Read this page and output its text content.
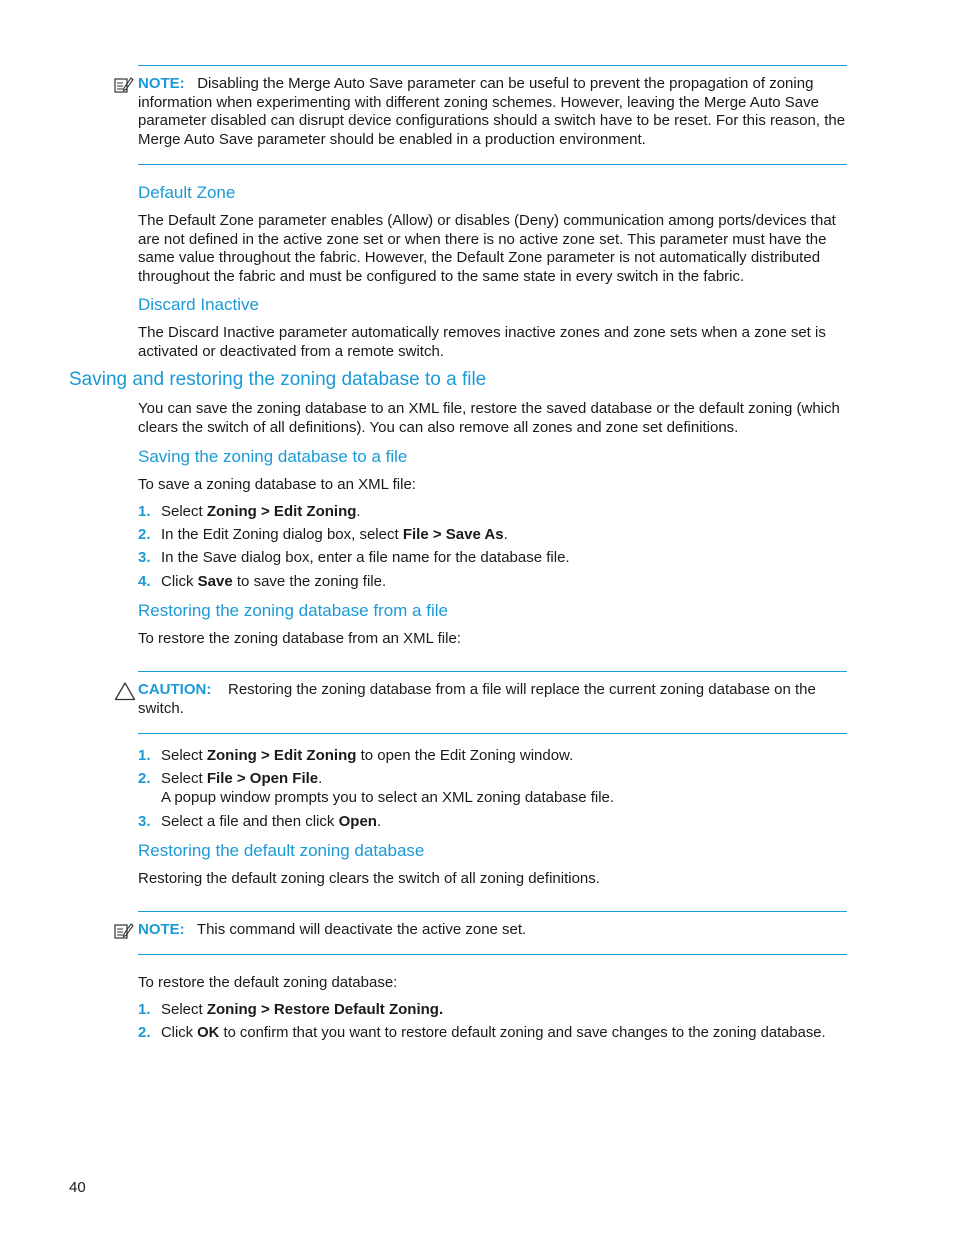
NOTE: Disabling the Merge Auto Save parameter can be useful to prevent the propagation of zoning information when experimenting with different zoning schemes. However, leaving the Merge Auto Save parameter disabled can disrupt device configurations should a switch have to be reset. For this reason, the Merge Auto Save parameter should be enabled in a production environment.
Default Zone
The Default Zone parameter enables (Allow) or disables (Deny) communication among ports/devices that are not defined in the active zone set or when there is no active zone set. This parameter must have the same value throughout the fabric. However, the Default Zone parameter is not automatically distributed throughout the fabric and must be configured to the same state in every switch in the fabric.
Discard Inactive
The Discard Inactive parameter automatically removes inactive zones and zone sets when a zone set is activated or deactivated from a remote switch.
Saving and restoring the zoning database to a file
You can save the zoning database to an XML file, restore the saved database or the default zoning (which clears the switch of all definitions). You can also remove all zones and zone set definitions.
Saving the zoning database to a file
To save a zoning database to an XML file:
1. Select Zoning > Edit Zoning.
2. In the Edit Zoning dialog box, select File > Save As.
3. In the Save dialog box, enter a file name for the database file.
4. Click Save to save the zoning file.
Restoring the zoning database from a file
To restore the zoning database from an XML file:
CAUTION: Restoring the zoning database from a file will replace the current zoning database on the switch.
1. Select Zoning > Edit Zoning to open the Edit Zoning window.
2. Select File > Open File.
A popup window prompts you to select an XML zoning database file.
3. Select a file and then click Open.
Restoring the default zoning database
Restoring the default zoning clears the switch of all zoning definitions.
NOTE: This command will deactivate the active zone set.
To restore the default zoning database:
1. Select Zoning > Restore Default Zoning.
2. Click OK to confirm that you want to restore default zoning and save changes to the zoning database.
40
